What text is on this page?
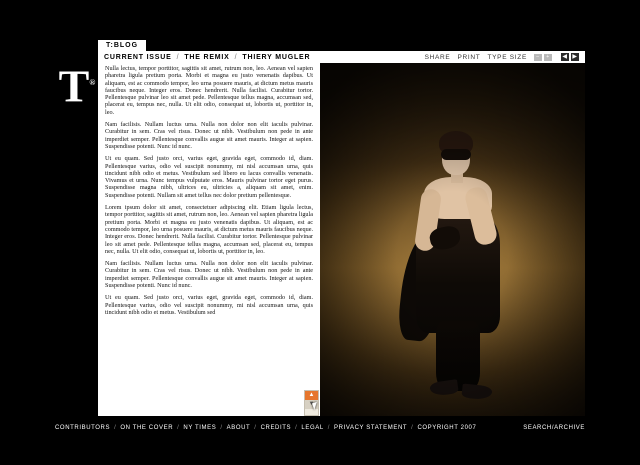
T:BLOG
CURRENT ISSUE / THE REMIX / THIERY MUGLER	SHARE PRINT TYPE SIZE	–	+	◀ ▶
T®

Nulla lectus, tempor porttitor, sagittis sit amet, rutrum non, leo. Aenean vel sapien pharetra ligula pretium porta. Morbi et magna eu justo venenatis dapibus. Ut aliquam, est ac commodo tempor, leo urna posuere mauris, at dictum metus mauris faucibus neque. Integer eros. Donec hendrerit. Nulla facilisi. Curabitur tortor. Pellentesque pulvinar leo sit amet pede. Pellentesque tellus magna, accumsan sed, placerat eu, tempus nec, nulla. Ut elit odio, consequat ut, lobortis ut, porttitor in, leo.

Nam facilisis. Nullam luctus urna. Nulla non dolor non elit iaculis pulvinar. Curabitur in sem. Cras vel risus. Donec ut nibh. Vestibulum non pede in ante imperdiet semper. Pellentesque convallis augue sit amet mauris. Integer at sapien. Suspendisse potenti. Nunc id nunc.

Ut eu quam. Sed justo orci, varius eget, gravida eget, commodo id, diam. Pellentesque varius, odio vel suscipit nonummy, mi nisl accumsan urna, quis tincidunt nibh odio et metus. Vestibulum sed libero eu lacus convallis venenatis. Vivamus et urna. Nunc tempus vulputate eros. Mauris pulvinar tortor eget purus. Suspendisse magna nibh, ultrices eu, ultricies a, aliquam sit amet, enim. Suspendisse potenti. Nullam sit amet tellus nec dolor pretium pellentesque.

Lorem ipsum dolor sit amet, consectetuer adipiscing elit. Etiam ligula lectus, tempor porttitor, sagittis sit amet, rutrum non, leo. Aenean vel sapien pharetra ligula pretium porta. Morbi et magna eu justo venenatis dapibus. Ut aliquam, est ac commodo tempor, leo urna posuere mauris, at dictum metus mauris faucibus neque. Integer eros. Donec hendrerit. Nulla facilisi. Curabitur tortor. Pellentesque pulvinar leo sit amet pede. Pellentesque tellus magna, accumsan sed, placerat eu, tempus nec, nulla. Ut elit odio, consequat ut, lobortis ut, porttitor in, leo.

Nam facilisis. Nullam luctus urna. Nulla non dolor non elit iaculis pulvinar. Curabitur in sem. Cras vel risus. Donec ut nibh. Vestibulum non pede in ante imperdiet semper. Pellentesque convallis augue sit amet mauris. Integer at sapien. Suspendisse potenti. Nunc id nunc.

Ut eu quam. Sed justo orci, varius eget, gravida eget, commodo id, diam. Pellentesque varius, odio vel suscipit nonummy, mi nisl accumsan urna, quis tincidunt nibh odio et metus. Vestibulum sed

▲
▼
CONTRIBUTORS / ON THE COVER / NY TIMES / ABOUT / CREDITS / LEGAL / PRIVACY STATEMENT / COPYRIGHT 2007	SEARCH / ARCHIVE
